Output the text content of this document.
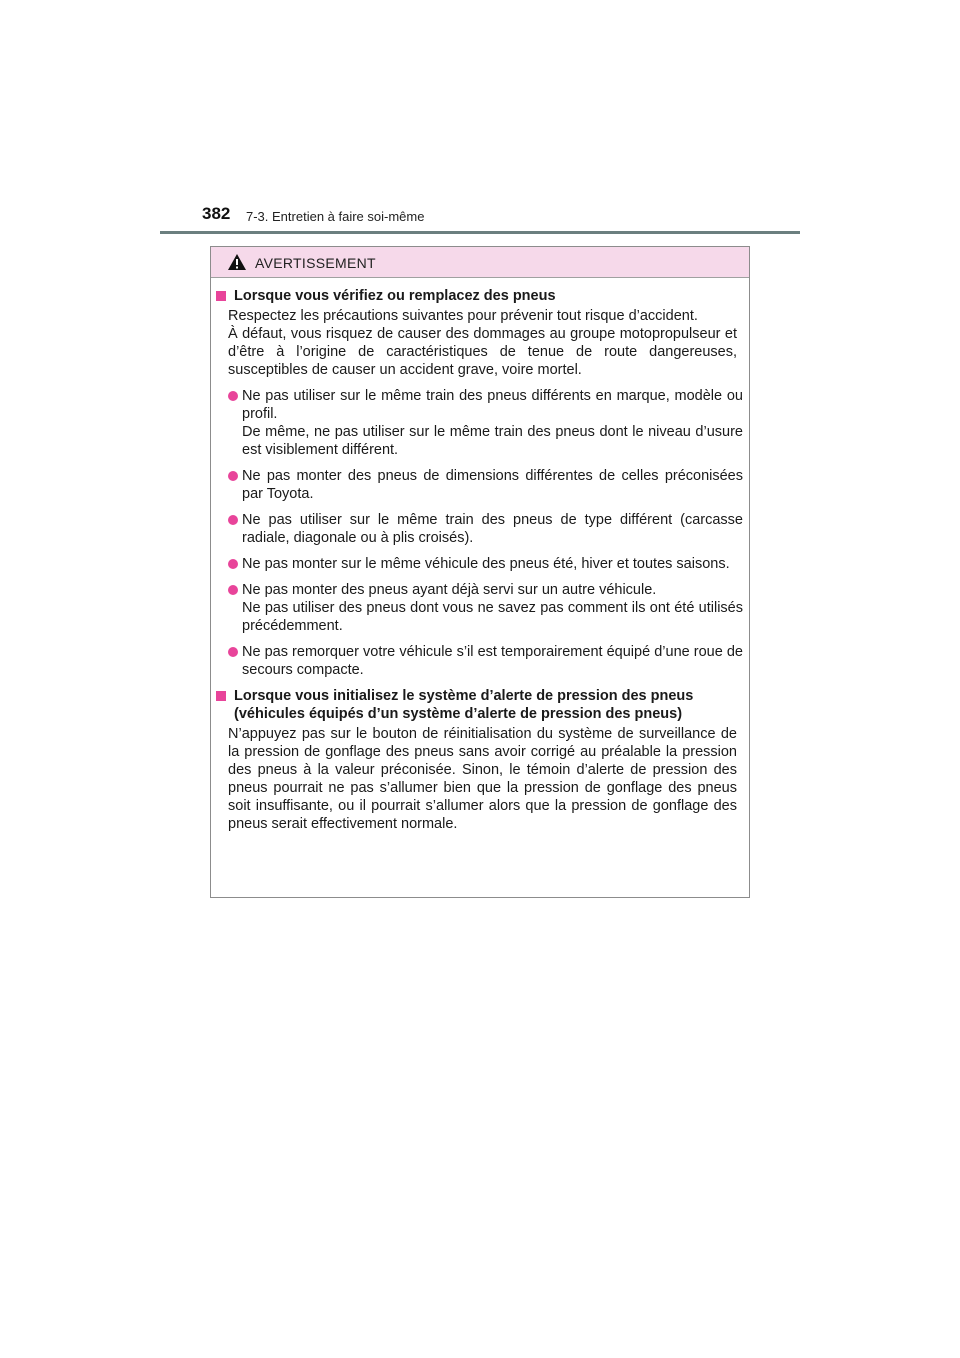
382 7-3. Entretien à faire soi-même
AVERTISSEMENT
Lorsque vous vérifiez ou remplacez des pneus
Respectez les précautions suivantes pour prévenir tout risque d’accident.
À défaut, vous risquez de causer des dommages au groupe motopropulseur et d’être à l’origine de caractéristiques de tenue de route dangereuses, susceptibles de causer un accident grave, voire mortel.
Ne pas utiliser sur le même train des pneus différents en marque, modèle ou profil.
De même, ne pas utiliser sur le même train des pneus dont le niveau d’usure est visiblement différent.
Ne pas monter des pneus de dimensions différentes de celles préconisées par Toyota.
Ne pas utiliser sur le même train des pneus de type différent (carcasse radiale, diagonale ou à plis croisés).
Ne pas monter sur le même véhicule des pneus été, hiver et toutes saisons.
Ne pas monter des pneus ayant déjà servi sur un autre véhicule.
Ne pas utiliser des pneus dont vous ne savez pas comment ils ont été utilisés précédemment.
Ne pas remorquer votre véhicule s’il est temporairement équipé d’une roue de secours compacte.
Lorsque vous initialisez le système d’alerte de pression des pneus (véhicules équipés d’un système d’alerte de pression des pneus)
N’appuyez pas sur le bouton de réinitialisation du système de surveillance de la pression de gonflage des pneus sans avoir corrigé au préalable la pression des pneus à la valeur préconisée. Sinon, le témoin d’alerte de pression des pneus pourrait ne pas s’allumer bien que la pression de gonflage des pneus soit insuffisante, ou il pourrait s’allumer alors que la pression de gonflage des pneus serait effectivement normale.
